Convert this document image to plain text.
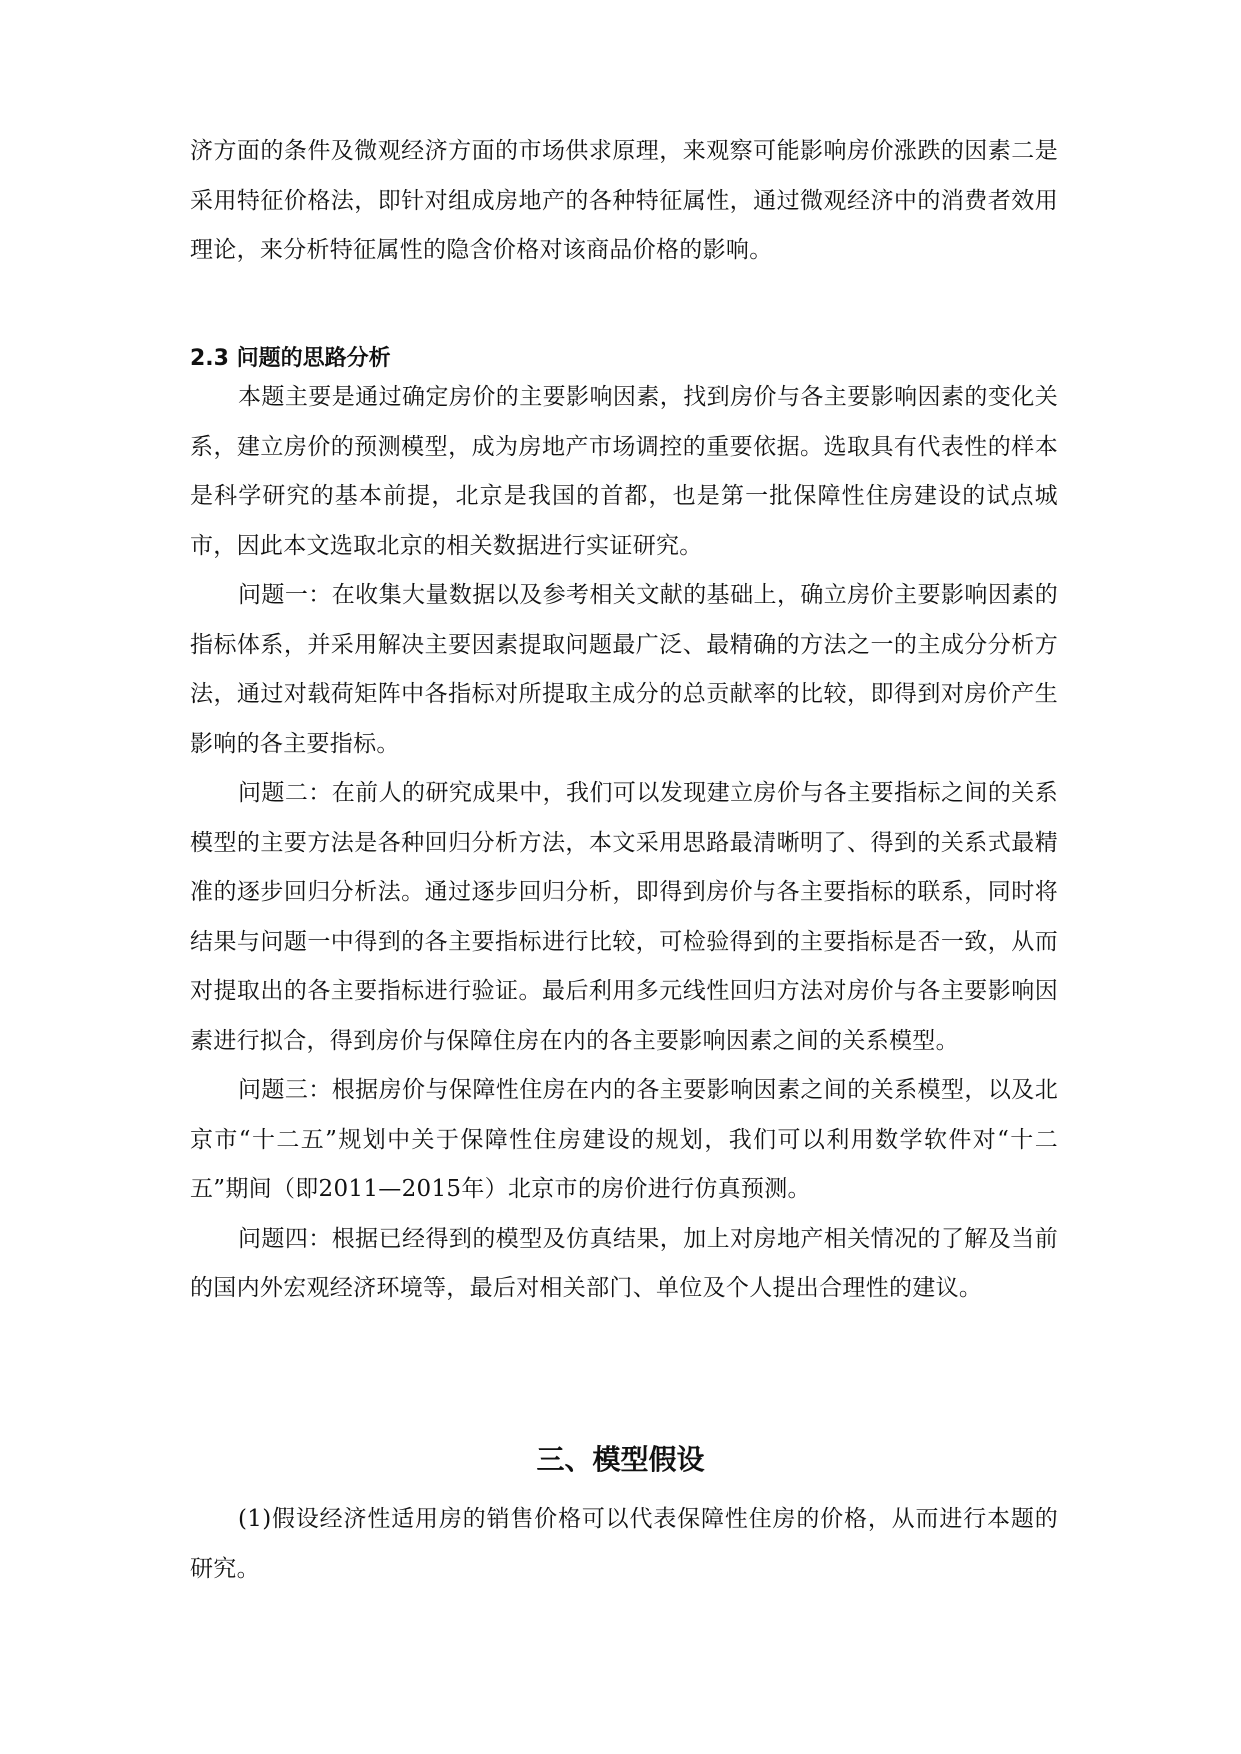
济方面的条件及微观经济方面的市场供求原理，来观察可能影响房价涨跌的因素二是采用特征价格法，即针对组成房地产的各种特征属性，通过微观经济中的消费者效用理论，来分析特征属性的隐含价格对该商品价格的影响。

2.3 问题的思路分析

本题主要是通过确定房价的主要影响因素，找到房价与各主要影响因素的变化关系，建立房价的预测模型，成为房地产市场调控的重要依据。选取具有代表性的样本是科学研究的基本前提，北京是我国的首都，也是第一批保障性住房建设的试点城市，因此本文选取北京的相关数据进行实证研究。

问题一：在收集大量数据以及参考相关文献的基础上，确立房价主要影响因素的指标体系，并采用解决主要因素提取问题最广泛、最精确的方法之一的主成分分析方法，通过对载荷矩阵中各指标对所提取主成分的总贡献率的比较，即得到对房价产生影响的各主要指标。

问题二：在前人的研究成果中，我们可以发现建立房价与各主要指标之间的关系模型的主要方法是各种回归分析方法，本文采用思路最清晰明了、得到的关系式最精准的逐步回归分析法。通过逐步回归分析，即得到房价与各主要指标的联系，同时将结果与问题一中得到的各主要指标进行比较，可检验得到的主要指标是否一致，从而对提取出的各主要指标进行验证。最后利用多元线性回归方法对房价与各主要影响因素进行拟合，得到房价与保障住房在内的各主要影响因素之间的关系模型。

问题三：根据房价与保障性住房在内的各主要影响因素之间的关系模型，以及北京市“十二五”规划中关于保障性住房建设的规划，我们可以利用数学软件对“十二五”期间（即2011—2015年）北京市的房价进行仿真预测。

问题四：根据已经得到的模型及仿真结果，加上对房地产相关情况的了解及当前的国内外宏观经济环境等，最后对相关部门、单位及个人提出合理性的建议。

三、模型假设

(1)假设经济性适用房的销售价格可以代表保障性住房的价格，从而进行本题的研究。
